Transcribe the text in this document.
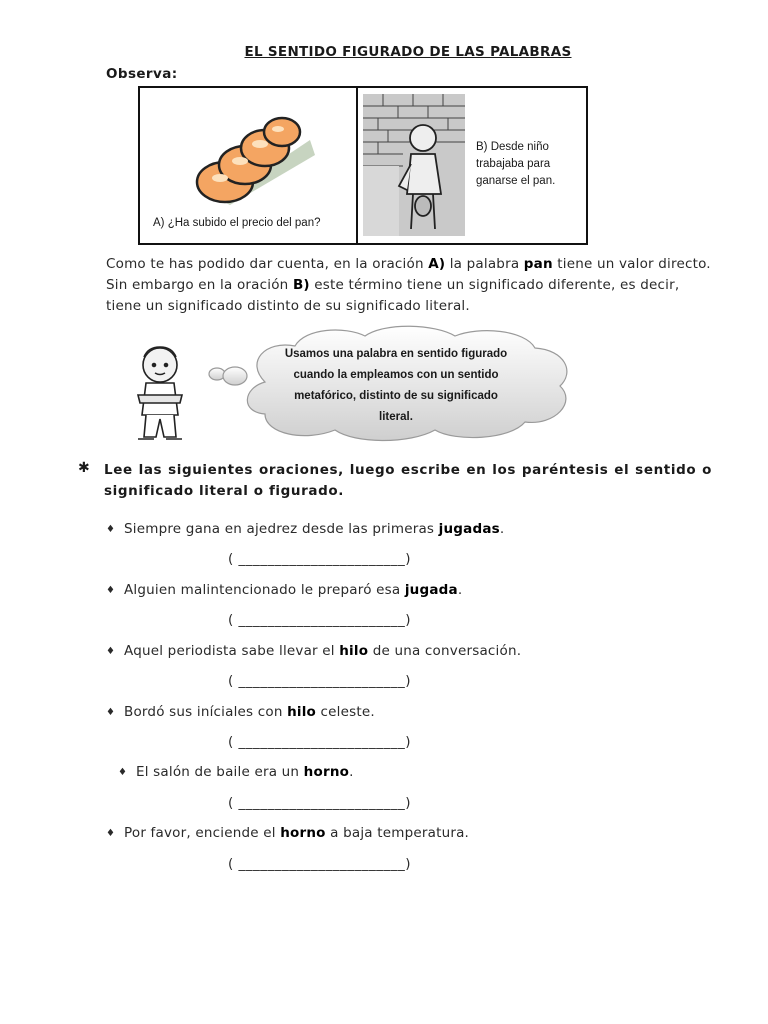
EL SENTIDO FIGURADO DE LAS PALABRAS
Observa:
A) ¿Ha subido el precio del pan?
B) Desde niño trabajaba para ganarse el pan.
Como te has podido dar cuenta, en la oración A) la palabra pan tiene un valor directo.
Sin embargo en la oración B) este término tiene un significado diferente, es decir,
tiene un significado distinto de su significado literal.
Usamos una palabra en sentido figurado cuando la empleamos con un sentido metafórico, distinto de su significado literal.
✱ Lee las siguientes oraciones, luego escribe en los paréntesis el sentido o significado literal o figurado.
♦ Siempre gana en ajedrez desde las primeras jugadas.
( _______________________)
♦ Alguien malintencionado le preparó esa jugada.
( _______________________)
♦ Aquel periodista sabe llevar el hilo de una conversación.
( _______________________)
♦ Bordó sus iníciales con hilo celeste.
( _______________________)
♦ El salón de baile era un horno.
( _______________________)
♦ Por favor, enciende el horno a baja temperatura.
( _______________________)
